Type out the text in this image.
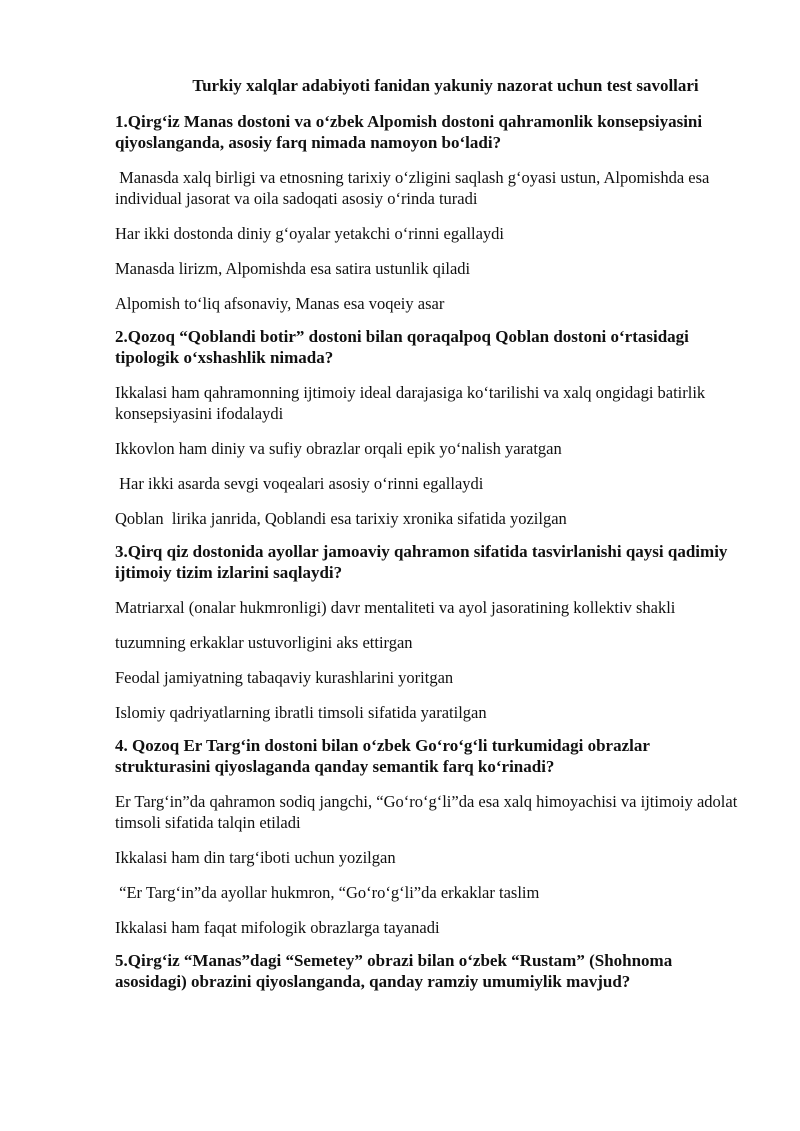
Turkiy xalqlar adabiyoti fanidan yakuniy nazorat uchun test savollari
1.Qirg‘iz Manas dostoni va o‘zbek Alpomish dostoni qahramonlik konsepsiyasini qiyoslanganda, asosiy farq nimada namoyon bo‘ladi?
Manasda xalq birligi va etnosning tarixiy o‘zligini saqlash g‘oyasi ustun, Alpomishda esa individual jasorat va oila sadoqati asosiy o‘rinda turadi
Har ikki dostonda diniy g‘oyalar yetakchi o‘rinni egallaydi
Manasda lirizm, Alpomishda esa satira ustunlik qiladi
Alpomish to‘liq afsonaviy, Manas esa voqeiy asar
2.Qozoq “Qoblandi botir” dostoni bilan qoraqalpoq Qoblan dostoni o‘rtasidagi tipologik o‘xshashlik nimada?
Ikkalasi ham qahramonning ijtimoiy ideal darajasiga ko‘tarilishi va xalq ongidagi batirlik konsepsiyasini ifodalaydi
Ikkovlon ham diniy va sufiy obrazlar orqali epik yo‘nalish yaratgan
Har ikki asarda sevgi voqealari asosiy o‘rinni egallaydi
Qoblan  lirika janrida, Qoblandi esa tarixiy xronika sifatida yozilgan
3.Qirq qiz dostonida ayollar jamoaviy qahramon sifatida tasvirlanishi qaysi qadimiy ijtimoiy tizim izlarini saqlaydi?
Matriarxal (onalar hukmronligi) davr mentaliteti va ayol jasoratining kollektiv shakli
tuzumning erkaklar ustuvorligini aks ettirgan
Feodal jamiyatning tabaqaviy kurashlarini yoritgan
Islomiy qadriyatlarning ibratli timsoli sifatida yaratilgan
4. Qozoq Er Targ‘in dostoni bilan o‘zbek Go‘ro‘g‘li turkumidagi obrazlar strukturasini qiyoslaganda qanday semantik farq ko‘rinadi?
Er Targ‘in”da qahramon sodiq jangchi, “Go‘ro‘g‘li”da esa xalq himoyachisi va ijtimoiy adolat timsoli sifatida talqin etiladi
Ikkalasi ham din targ‘iboti uchun yozilgan
“Er Targ‘in”da ayollar hukmron, “Go‘ro‘g‘li”da erkaklar taslim
Ikkalasi ham faqat mifologik obrazlarga tayanadi
5.Qirg‘iz “Manas”dagi “Semetey” obrazi bilan o‘zbek “Rustam” (Shohnoma asosidagi) obrazini qiyoslanganda, qanday ramziy umumiylik mavjud?
